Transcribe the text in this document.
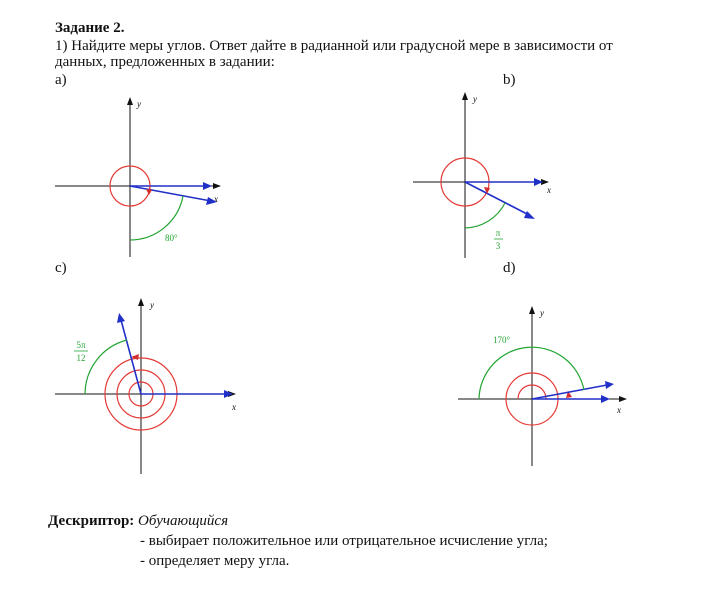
Задание 2.
1) Найдите меры углов. Ответ дайте в радианной или градусной мере в зависимости от
данных, предложенных в задании:
a)	b)
c)	d)
x
y
80°
x
y
π
3
x
y
5π
12
x
y
170°
Дескриптор: Обучающийся
- выбирает положительное или отрицательное исчисление угла;
- определяет меру угла.
